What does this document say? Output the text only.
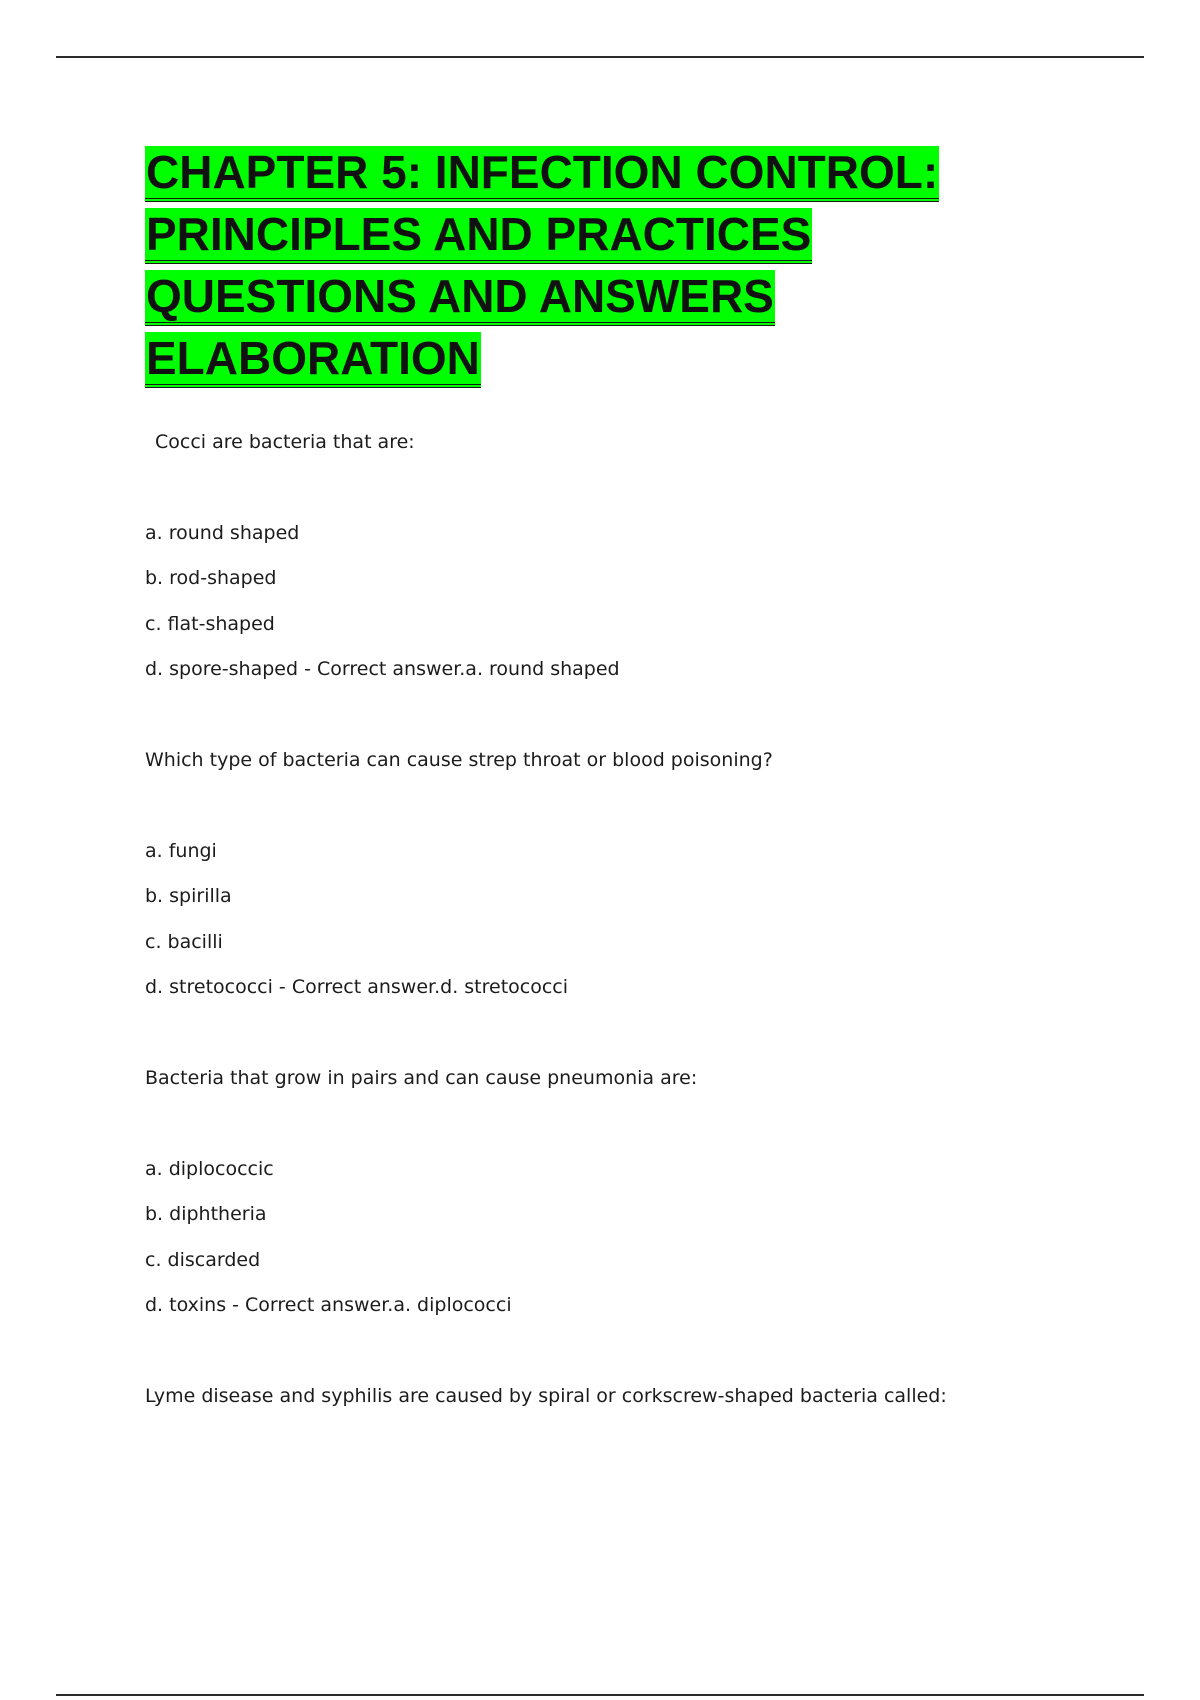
CHAPTER 5: INFECTION CONTROL:
PRINCIPLES AND PRACTICES
QUESTIONS AND ANSWERS
ELABORATION
Cocci are bacteria that are:
a. round shaped
b. rod-shaped
c. flat-shaped
d. spore-shaped - Correct answer.a. round shaped
Which type of bacteria can cause strep throat or blood poisoning?
a. fungi
b. spirilla
c. bacilli
d. stretococci - Correct answer.d. stretococci
Bacteria that grow in pairs and can cause pneumonia are:
a. diplococcic
b. diphtheria
c. discarded
d. toxins - Correct answer.a. diplococci
Lyme disease and syphilis are caused by spiral or corkscrew-shaped bacteria called:
